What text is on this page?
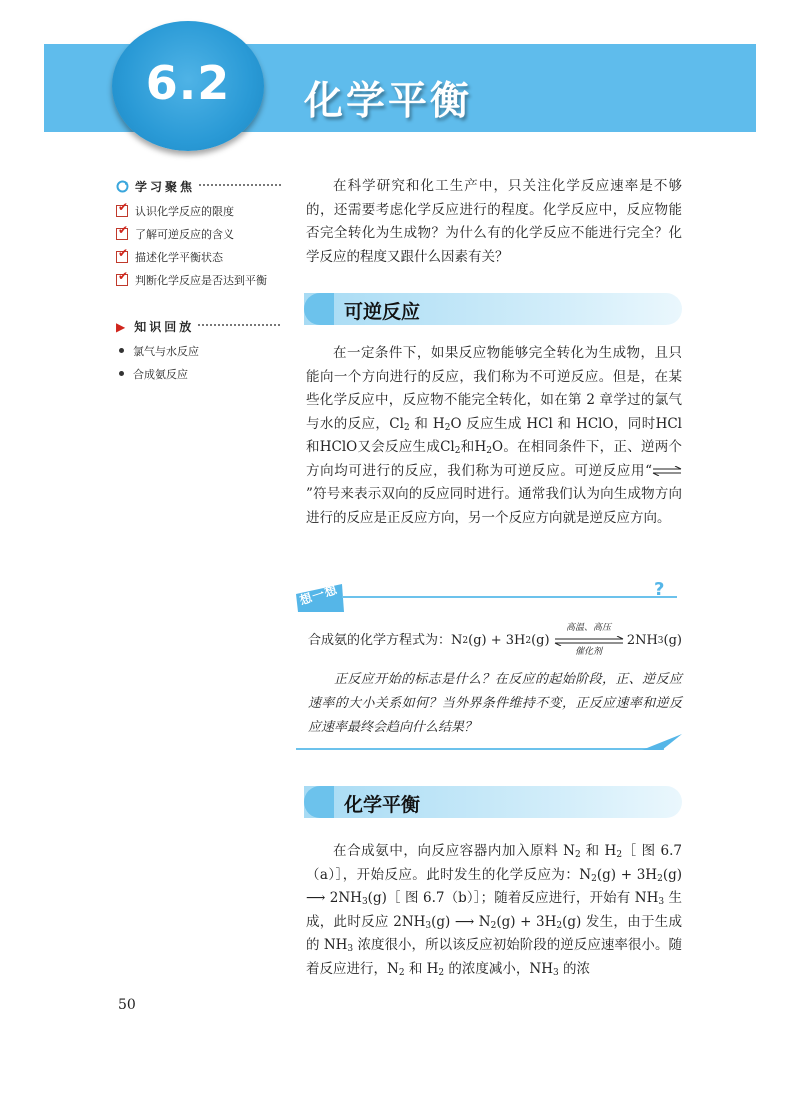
6.2	化学平衡
学习聚焦
✔
认识化学反应的限度
✔
了解可逆反应的含义
✔
描述化学平衡状态
✔
判断化学反应是否达到平衡
▶ 知识回放
氯气与水反应
合成氨反应

在科学研究和化工生产中，只关注化学反应速率是不够的，还需要考虑化学反应进行的程度。化学反应中，反应物能否完全转化为生成物？为什么有的化学反应不能进行完全？化学反应的程度又跟什么因素有关？

可逆反应

在一定条件下，如果反应物能够完全转化为生成物，且只能向一个方向进行的反应，我们称为不可逆反应。但是，在某些化学反应中，反应物不能完全转化，如在第 2 章学过的氯气与水的反应，$Cl_2$ 和 $H_2O$ 反应生成 HCl 和 HClO，同时HCl和HClO又会反应生成$Cl_2$和$H_2O$。在相同条件下，正、逆两个方向均可进行的反应，我们称为可逆反应。可逆反应用“⇌”符号来表示双向的反应同时进行。通常我们认为向生成物方向进行的反应是正反应方向，另一个反应方向就是逆反应方向。

想一想	?
合成氨的化学方程式为： N 2 (g) + 3H 2 (g)
高温、高压
催化剂
2NH 3 (g)

正反应开始的标志是什么？在反应的起始阶段，正、逆反应速率的大小关系如何？当外界条件维持不变，正反应速率和逆反应速率最终会趋向什么结果？

化学平衡

在合成氨中，向反应容器内加入原料 $N_2$ 和 $H_2[$ 图 6.7（a）］，开始反应。此时发生的化学反应为：$N_2(g) + 3H_2(g)$ ⟶ $2NH_3(g)[$ 图 6.7（b）］；随着反应进行，开始有 $NH_3$ 生成，此时反应 $2NH_3(g)$ ⟶ $N_2(g) + 3H_2(g)$ 发生，由于生成的 $NH_3$ 浓度很小，所以该反应初始阶段的逆反应速率很小。随着反应进行，$N_2$ 和 $H_2$ 的浓度减小，$NH_3$ 的浓

50
